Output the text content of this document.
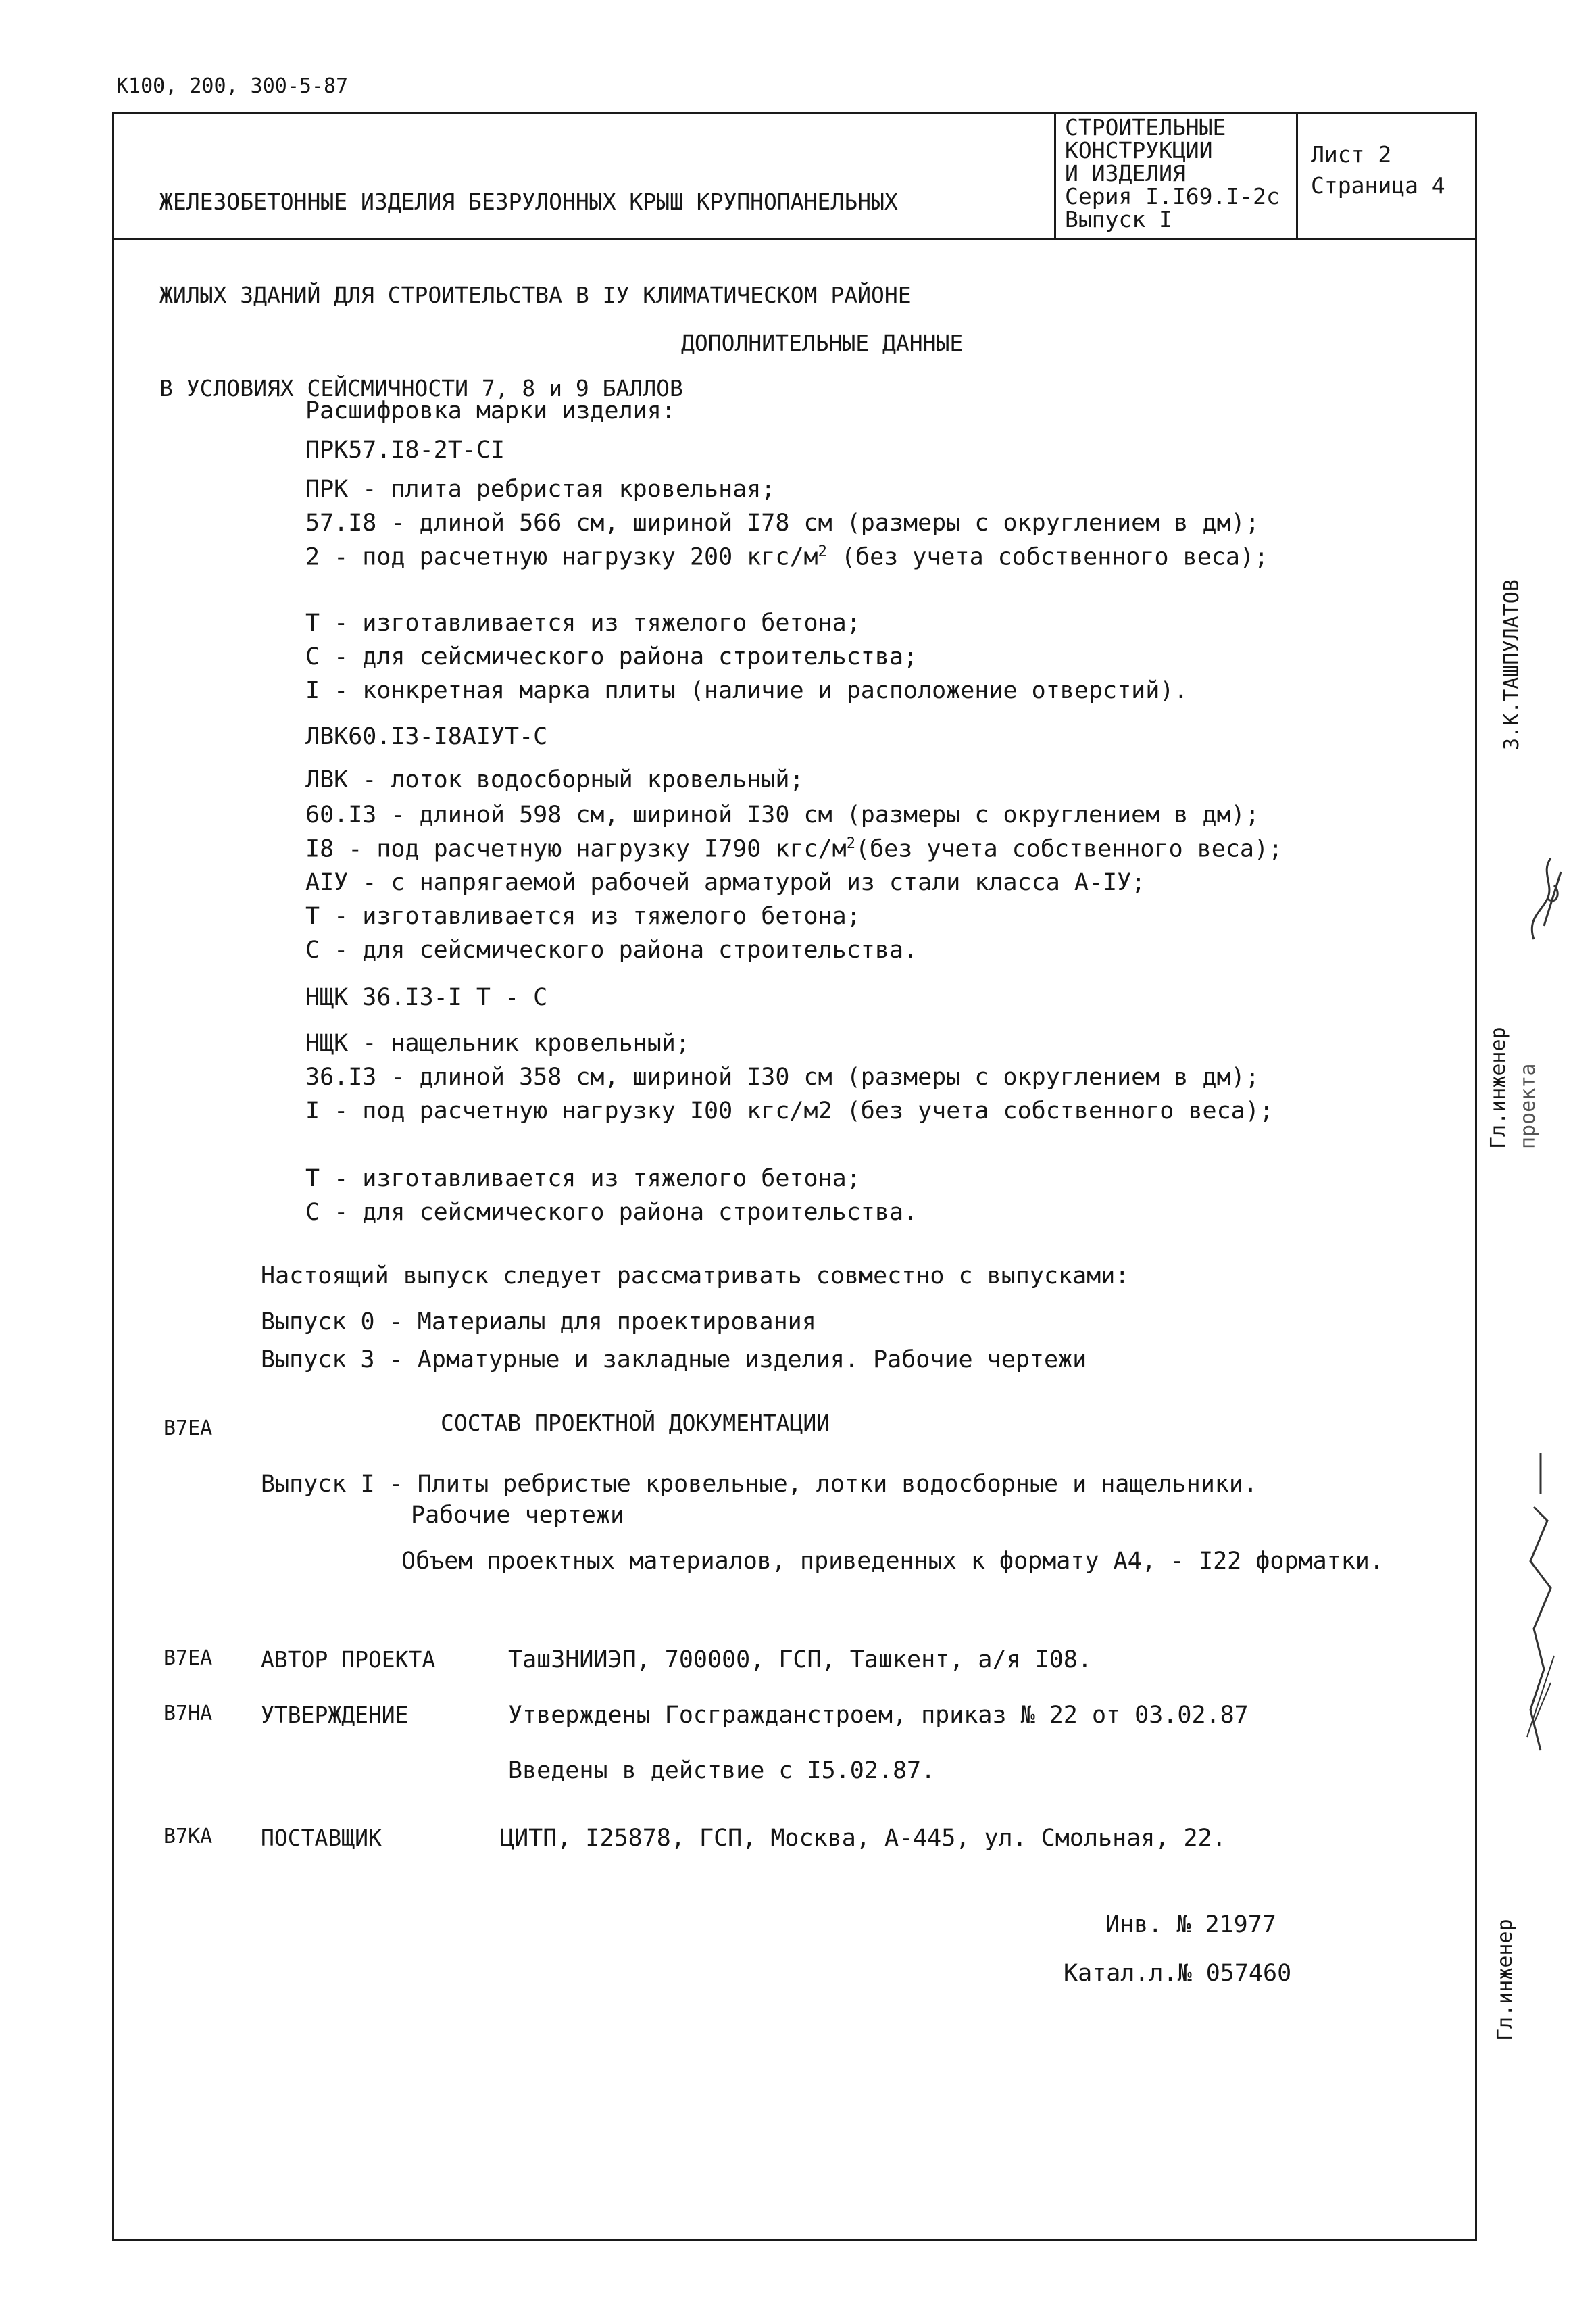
К100, 200, 300-5-87

ЖЕЛЕЗОБЕТОННЫЕ ИЗДЕЛИЯ БЕЗРУЛОННЫХ КРЫШ КРУПНОПАНЕЛЬНЫХ

ЖИЛЫХ ЗДАНИЙ ДЛЯ СТРОИТЕЛЬСТВА В IУ КЛИМАТИЧЕСКОМ РАЙОНЕ

В УСЛОВИЯХ СЕЙСМИЧНОСТИ 7, 8 и 9 БАЛЛОВ

СТРОИТЕЛЬНЫЕ
КОНСТРУКЦИИ
И ИЗДЕЛИЯ
Серия I.I69.I-2с
Выпуск I
Лист 2
Страница 4
ДОПОЛНИТЕЛЬНЫЕ ДАННЫЕ
Расшифровка марки изделия:
ПРК57.I8-2Т-СI
ПРК - плита ребристая кровельная;
57.I8 - длиной 566 см, шириной I78 см (размеры с округлением в дм);
2 - под расчетную нагрузку 200 кгс/$м^2$ (без учета собственного веса);
Т - изготавливается из тяжелого бетона;
С - для сейсмического района строительства;
I - конкретная марка плиты (наличие и расположение отверстий).
ЛВК60.I3-I8АIУТ-С
ЛВК - лоток водосборный кровельный;
60.I3 - длиной 598 см, шириной I30 см (размеры с округлением в дм);
I8 - под расчетную нагрузку I790 кгс/$м^2(без$ учета собственного веса);
АIУ - с напрягаемой рабочей арматурой из стали класса А-IУ;
Т - изготавливается из тяжелого бетона;
С - для сейсмического района строительства.
НЩК 36.I3-I Т - С
НЩК - нащельник кровельный;
36.I3 - длиной 358 см, шириной I30 см (размеры с округлением в дм);
I - под расчетную нагрузку I00 кгс/м2 (без учета собственного веса);
Т - изготавливается из тяжелого бетона;
С - для сейсмического района строительства.
Настоящий выпуск следует рассматривать совместно с выпусками:
Выпуск 0 - Материалы для проектирования
Выпуск 3 - Арматурные и закладные изделия. Рабочие чертежи
В7ЕА	СОСТАВ ПРОЕКТНОЙ ДОКУМЕНТАЦИИ
Выпуск I - Плиты ребристые кровельные, лотки водосборные и нащельники.
Рабочие чертежи
Объем проектных материалов, приведенных к формату А4, - I22 форматки.
В7ЕА АВТОР ПРОЕКТА	ТашЗНИИЭП, 700000, ГСП, Ташкент, а/я I08.
В7НА УТВЕРЖДЕНИЕ	Утверждены Госгражданстроем, приказ № 22 от 03.02.87
Введены в действие с I5.02.87.
В7КА ПОСТАВЩИК	ЦИТП, I25878, ГСП, Москва, А-445, ул. Смольная, 22.
Инв. № 21977
Катал.л.№ 057460
З.К.ТАШПУЛАТОВ
Гл.инженер проекта
Гл.инженер
